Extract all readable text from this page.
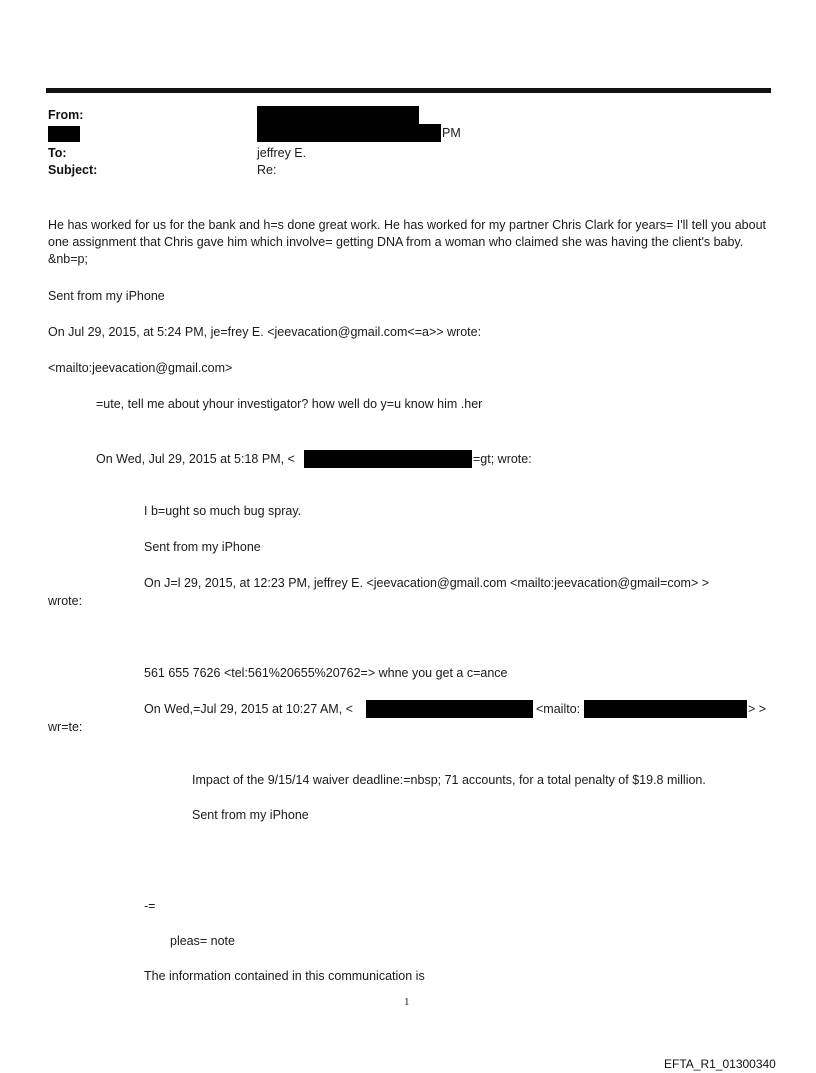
From:
PM
To:	jeffrey E.
Subject:	Re:
He has worked for us for the bank and h=s done great work. He has worked for my partner Chris Clark for years= I'll tell you about one assignment that Chris gave him which involve= getting DNA from a woman who claimed she was having the client's baby. &nb=p;
Sent from my iPhone
On Jul 29, 2015, at 5:24 PM, je=frey E. <jeevacation@gmail.com<=a>> wrote:
<mailto:jeevacation@gmail.com>
=ute, tell me about yhour investigator? how well do y=u know him .her
On Wed, Jul 29, 2015 at 5:18 PM, <	=gt; wrote:
I b=ught so much bug spray.
Sent from my iPhone
On J=l 29, 2015, at 12:23 PM, jeffrey E. <jeevacation@gmail.com <mailto:jeevacation@gmail=com> >
wrote:
561 655 7626 <tel:561%20655%20762=> whne you get a c=ance
On Wed,=Jul 29, 2015 at 10:27 AM, <	<mailto:	> >
wr=te:
Impact of the 9/15/14 waiver deadline:=nbsp; 71 accounts, for a total penalty of $19.8 million.
Sent from my iPhone
-=
pleas= note
The information contained in this communication is
1
EFTA_R1_01300340
